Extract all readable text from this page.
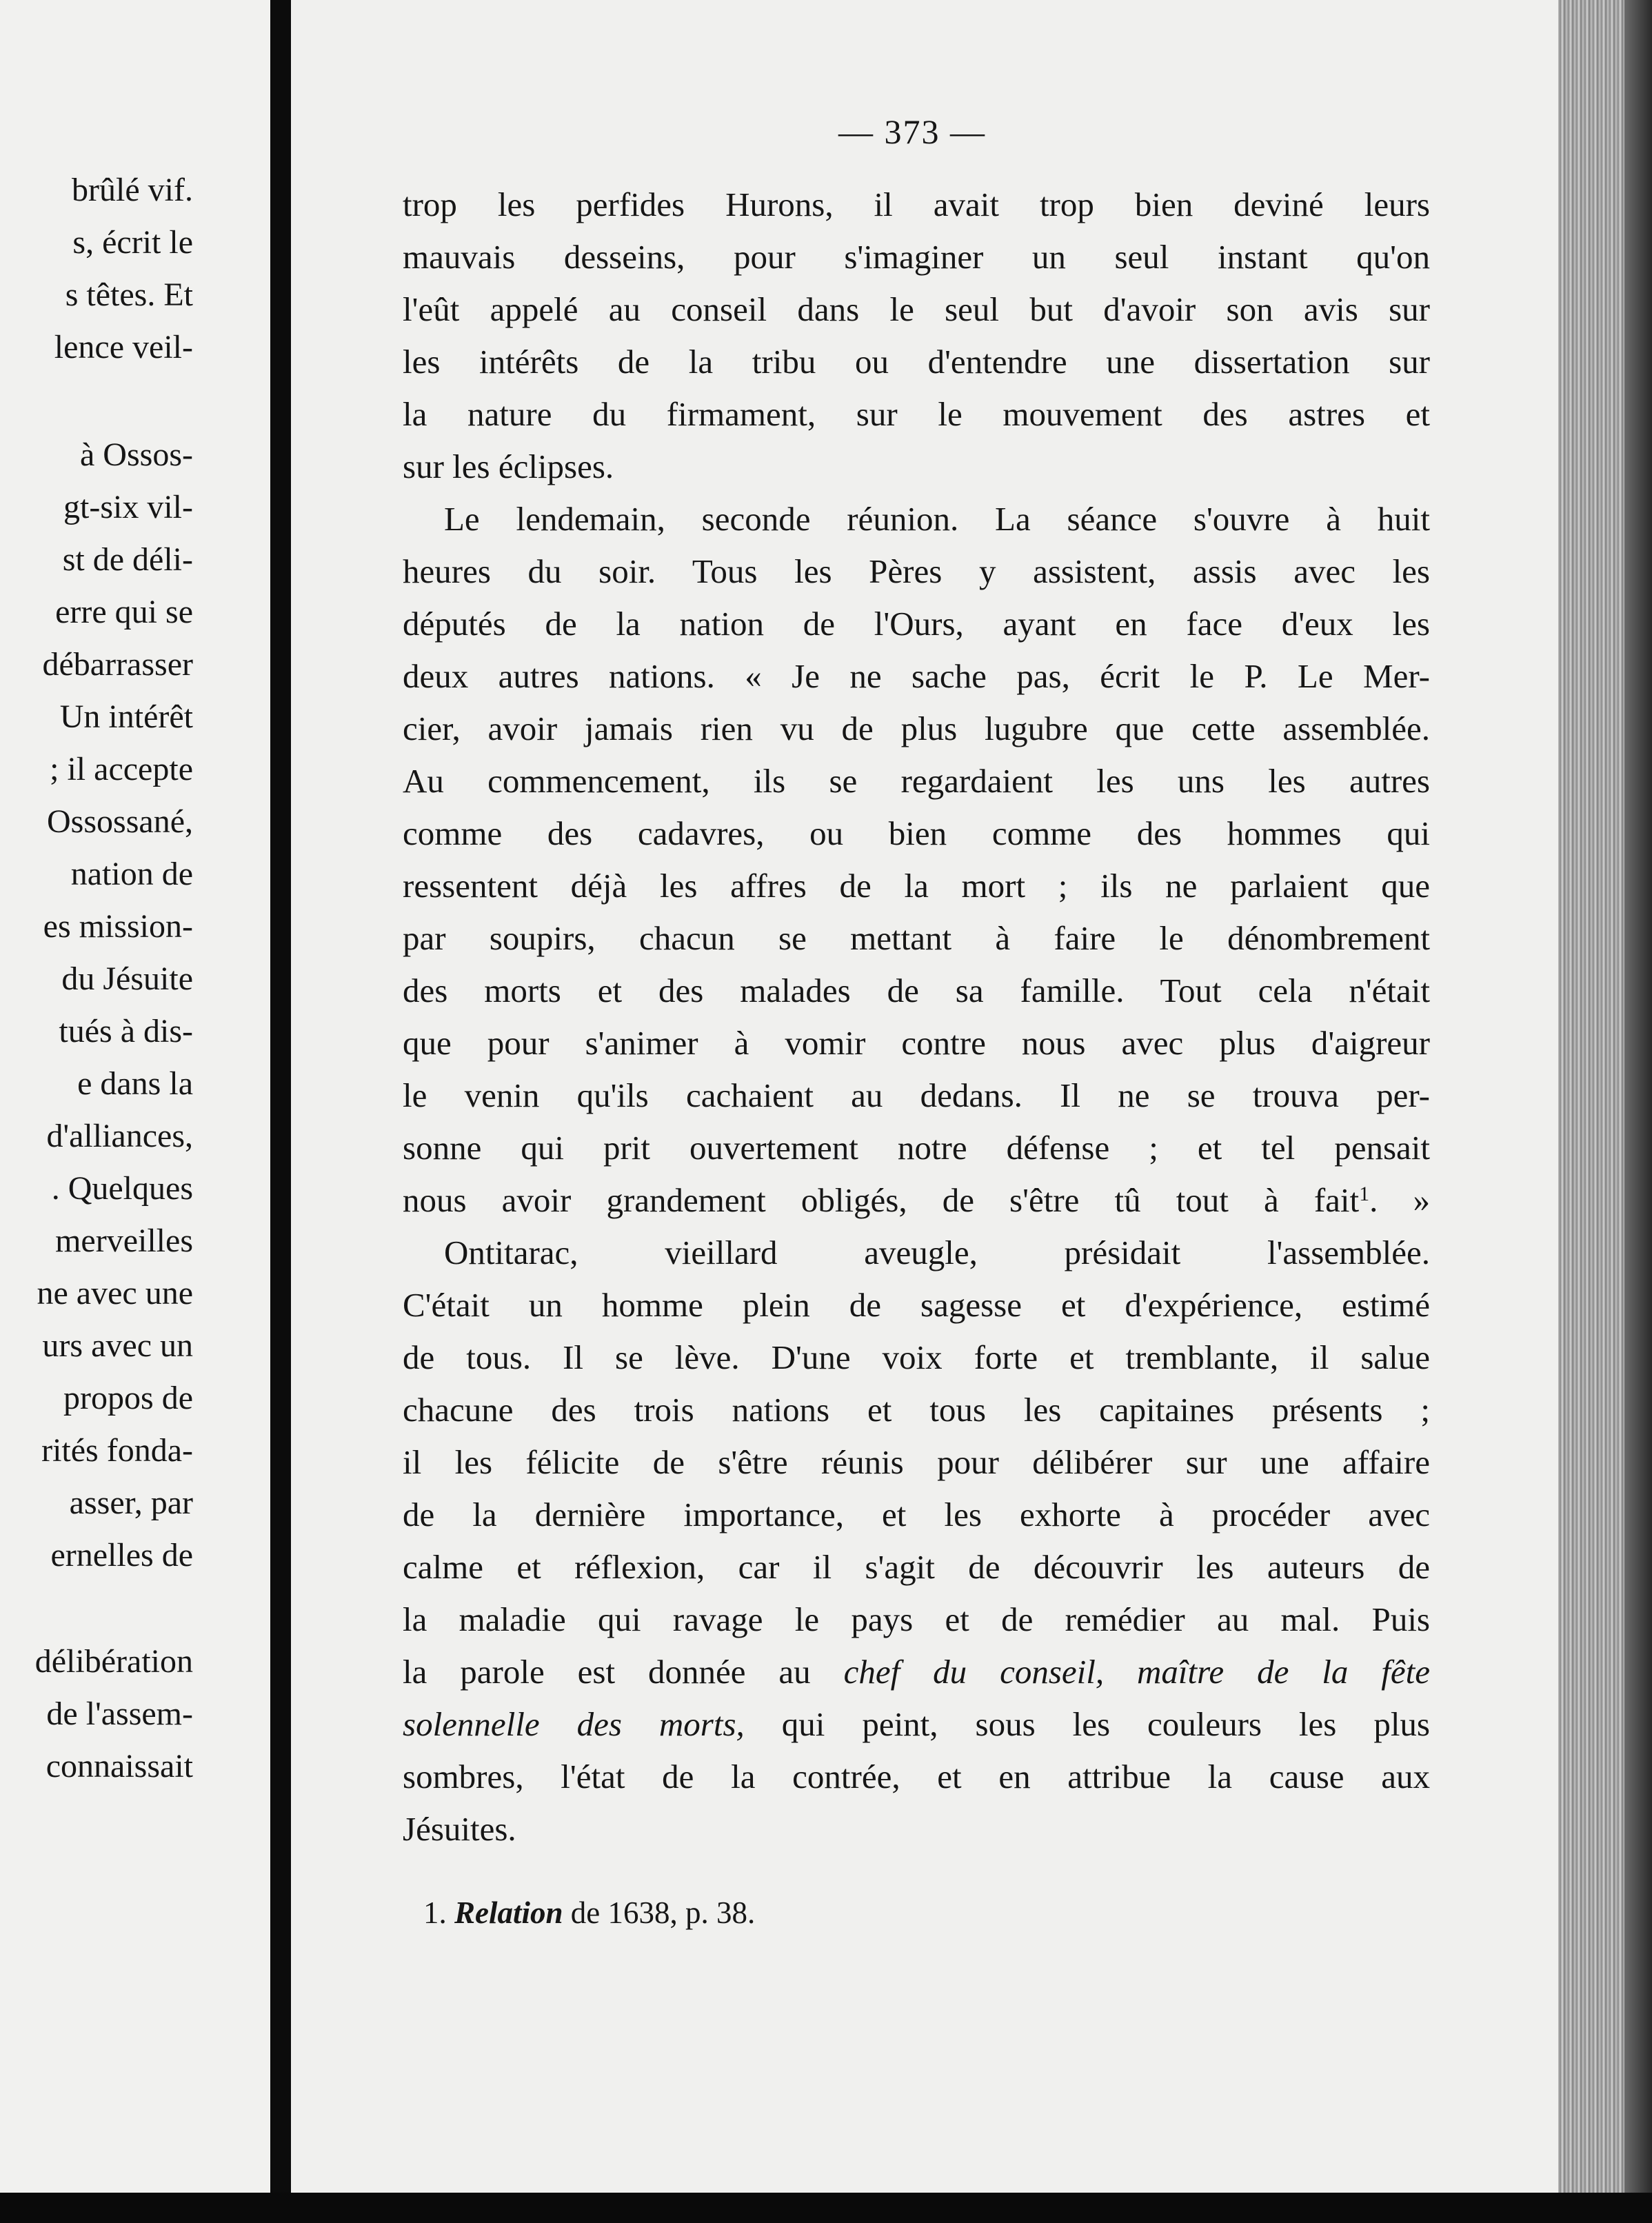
brûlé vif.
s, écrit le
s têtes. Et
lence veil-
à Ossos-
gt-six vil-
st de déli-
erre qui se
débarrasser
Un intérêt
; il accepte
Ossossané,
nation de
es mission-
du Jésuite
tués à dis-
e dans la
d'alliances,
. Quelques
merveilles
ne avec une
urs avec un
propos de
rités fonda-
asser, par
ernelles de
délibération
de l'assem-
connaissait
— 373 —
trop les perfides Hurons, il avait trop bien deviné leurs
mauvais desseins, pour s'imaginer un seul instant qu'on
l'eût appelé au conseil dans le seul but d'avoir son avis sur
les intérêts de la tribu ou d'entendre une dissertation sur
la nature du firmament, sur le mouvement des astres et
sur les éclipses.
Le lendemain, seconde réunion. La séance s'ouvre à huit
heures du soir. Tous les Pères y assistent, assis avec les
députés de la nation de l'Ours, ayant en face d'eux les
deux autres nations. « Je ne sache pas, écrit le P. Le Mer-
cier, avoir jamais rien vu de plus lugubre que cette assemblée.
Au commencement, ils se regardaient les uns les autres
comme des cadavres, ou bien comme des hommes qui
ressentent déjà les affres de la mort ; ils ne parlaient que
par soupirs, chacun se mettant à faire le dénombrement
des morts et des malades de sa famille. Tout cela n'était
que pour s'animer à vomir contre nous avec plus d'aigreur
le venin qu'ils cachaient au dedans. Il ne se trouva per-
sonne qui prit ouvertement notre défense ; et tel pensait
nous avoir grandement obligés, de s'être tû tout à fait$^1$. »
Ontitarac, vieillard aveugle, présidait l'assemblée.
C'était un homme plein de sagesse et d'expérience, estimé
de tous. Il se lève. D'une voix forte et tremblante, il salue
chacune des trois nations et tous les capitaines présents ;
il les félicite de s'être réunis pour délibérer sur une affaire
de la dernière importance, et les exhorte à procéder avec
calme et réflexion, car il s'agit de découvrir les auteurs de
la maladie qui ravage le pays et de remédier au mal. Puis
la parole est donnée au chef du conseil, maître de la fête
solennelle des morts, qui peint, sous les couleurs les plus
sombres, l'état de la contrée, et en attribue la cause aux
Jésuites.
1. Relation de 1638, p. 38.
